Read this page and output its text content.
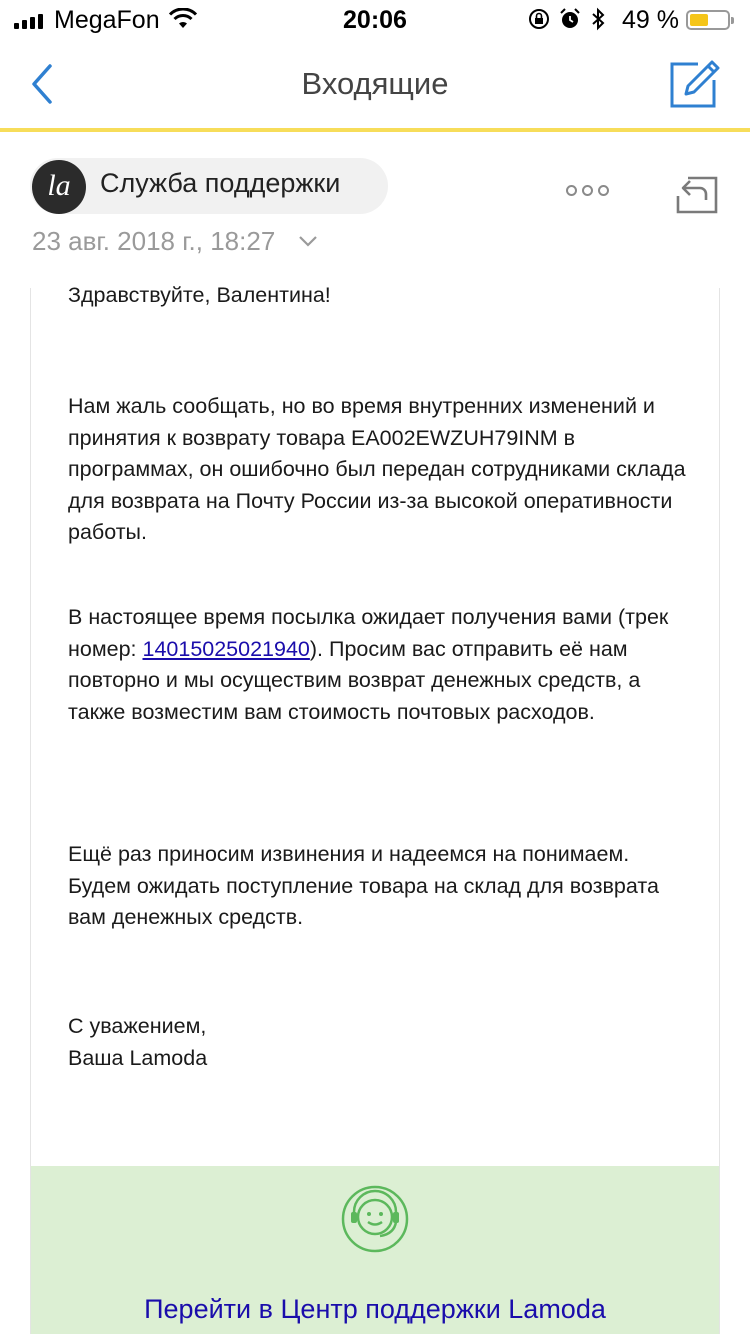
MegaFon	20:06	49 %
Входящие
la	Служба поддержки
23 авг. 2018 г., 18:27

Здравствуйте, Валентина!

Нам жаль сообщать, но во время внутренних изменений и принятия к возврату товара EA002EWZUH79INM в программах, он ошибочно был передан сотрудниками склада для возврата на Почту России из-за высокой оперативности работы.

В настоящее время посылка ожидает получения вами (трек номер: 14015025021940). Просим вас отправить её нам повторно и мы осуществим возврат денежных средств, а также возместим вам стоимость почтовых расходов.

Ещё раз приносим извинения и надеемся на понимаем. Будем ожидать поступление товара на склад для возврата вам денежных средств.

С уважением,
Ваша Lamoda

Перейти в Центр поддержки Lamoda
